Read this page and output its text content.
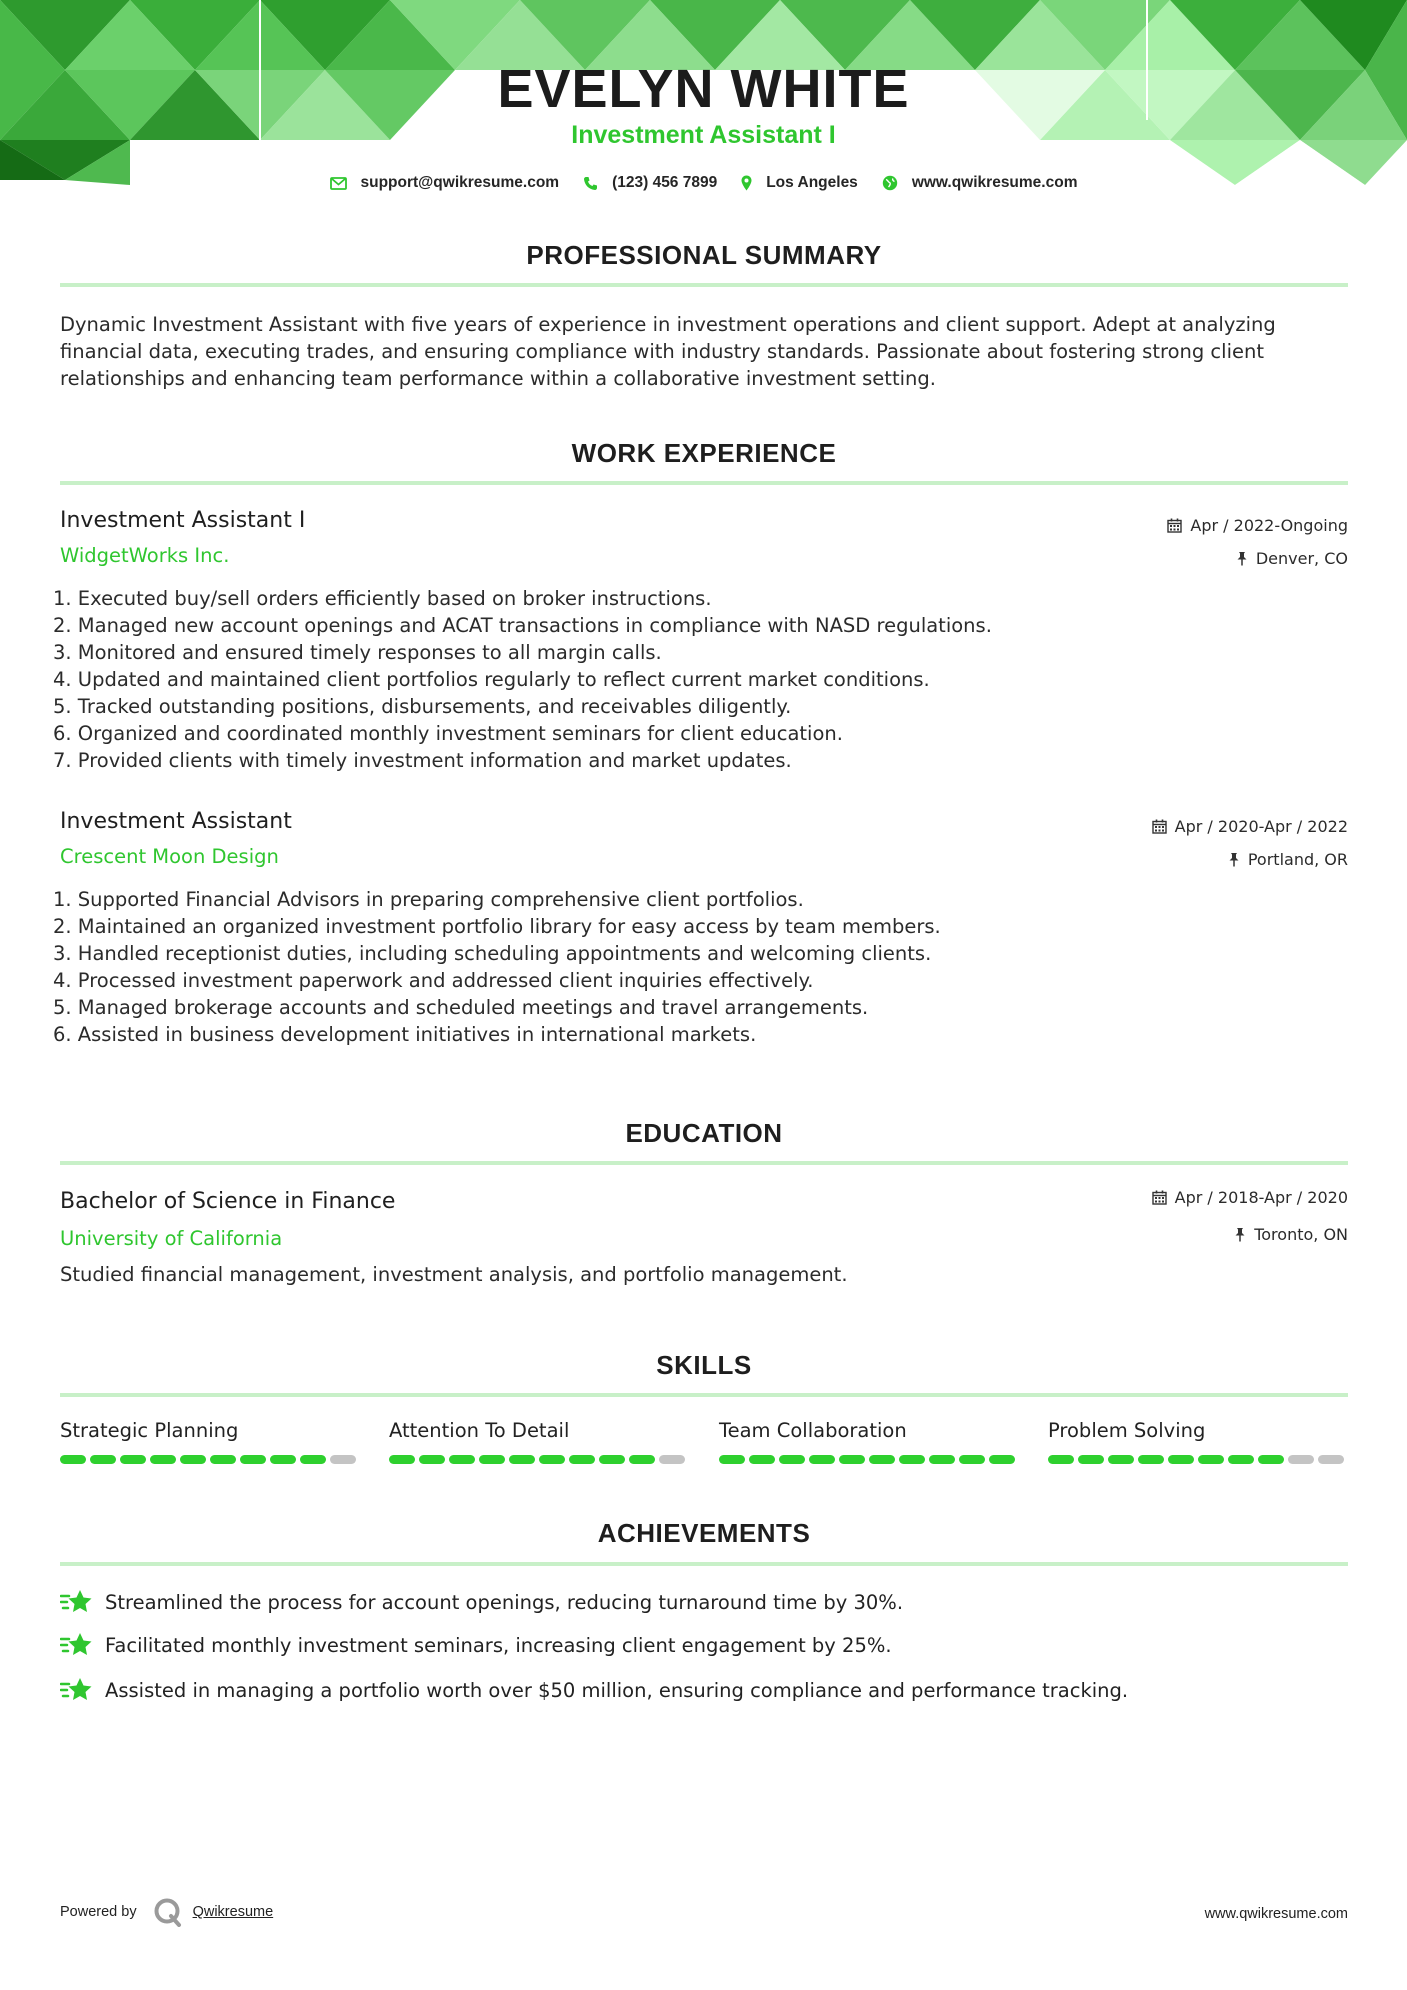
EVELYN WHITE
Investment Assistant I
support@qwikresume.com	(123) 456 7899	Los Angeles	www.qwikresume.com
PROFESSIONAL SUMMARY
Dynamic Investment Assistant with five years of experience in investment operations and client support. Adept at analyzing financial data, executing trades, and ensuring compliance with industry standards. Passionate about fostering strong client relationships and enhancing team performance within a collaborative investment setting.
WORK EXPERIENCE
Investment Assistant I	Apr / 2022-Ongoing
WidgetWorks Inc.	Denver, CO
1. Executed buy/sell orders efficiently based on broker instructions.
2. Managed new account openings and ACAT transactions in compliance with NASD regulations.
3. Monitored and ensured timely responses to all margin calls.
4. Updated and maintained client portfolios regularly to reflect current market conditions.
5. Tracked outstanding positions, disbursements, and receivables diligently.
6. Organized and coordinated monthly investment seminars for client education.
7. Provided clients with timely investment information and market updates.
Investment Assistant	Apr / 2020-Apr / 2022
Crescent Moon Design	Portland, OR
1. Supported Financial Advisors in preparing comprehensive client portfolios.
2. Maintained an organized investment portfolio library for easy access by team members.
3. Handled receptionist duties, including scheduling appointments and welcoming clients.
4. Processed investment paperwork and addressed client inquiries effectively.
5. Managed brokerage accounts and scheduled meetings and travel arrangements.
6. Assisted in business development initiatives in international markets.
EDUCATION
Bachelor of Science in Finance	Apr / 2018-Apr / 2020
University of California	Toronto, ON
Studied financial management, investment analysis, and portfolio management.
SKILLS
Strategic Planning	Attention To Detail	Team Collaboration	Problem Solving
ACHIEVEMENTS
Streamlined the process for account openings, reducing turnaround time by 30%.
Facilitated monthly investment seminars, increasing client engagement by 25%.
Assisted in managing a portfolio worth over $50 million, ensuring compliance and performance tracking.
Powered by	Qwikresume	www.qwikresume.com
